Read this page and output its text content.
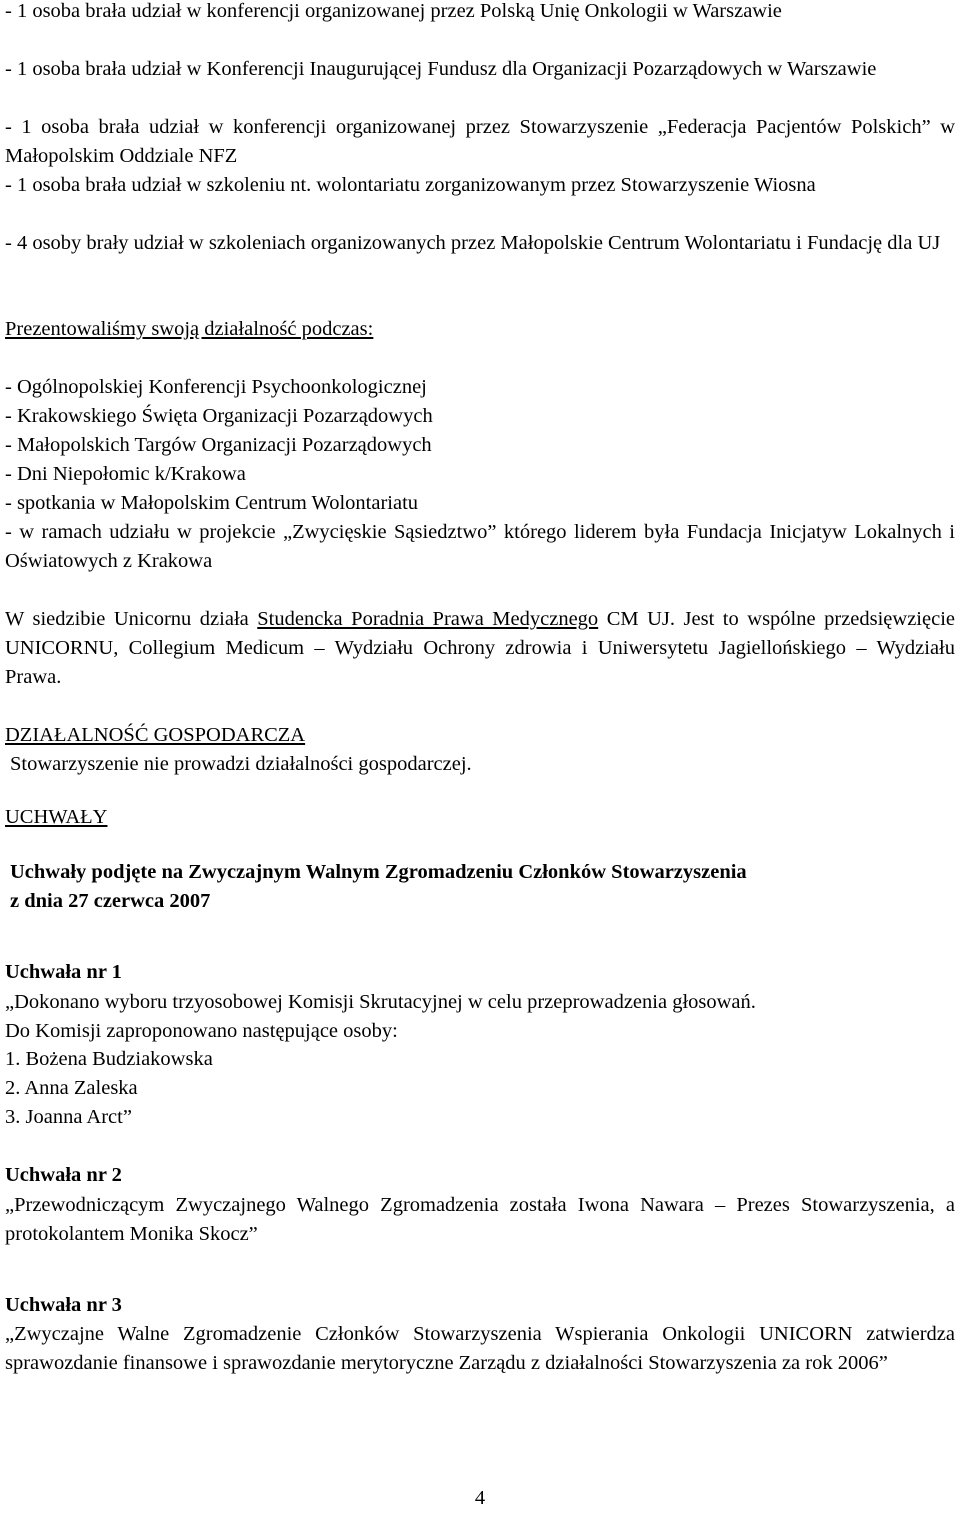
- 1 osoba brała udział w konferencji organizowanej przez Polską Unię Onkologii w Warszawie

- 1 osoba brała udział w Konferencji Inaugurującej Fundusz dla Organizacji Pozarządowych w Warszawie

- 1 osoba brała udział w konferencji organizowanej przez Stowarzyszenie „Federacja Pacjentów Polskich” w Małopolskim Oddziale NFZ

- 1 osoba brała udział w szkoleniu nt. wolontariatu zorganizowanym przez Stowarzyszenie Wiosna

- 4 osoby brały udział w szkoleniach organizowanych przez Małopolskie Centrum Wolontariatu i Fundację dla UJ

Prezentowaliśmy swoją działalność podczas:

- Ogólnopolskiej Konferencji Psychoonkologicznej

- Krakowskiego Święta Organizacji Pozarządowych

- Małopolskich Targów Organizacji Pozarządowych

- Dni Niepołomic k/Krakowa

- spotkania w Małopolskim Centrum Wolontariatu

- w ramach udziału w projekcie „Zwycięskie Sąsiedztwo” którego liderem była Fundacja Inicjatyw Lokalnych i Oświatowych z Krakowa

W siedzibie Unicornu działa Studencka Poradnia Prawa Medycznego CM UJ. Jest to wspólne przedsięwzięcie UNICORNU, Collegium Medicum – Wydziału Ochrony zdrowia i Uniwersytetu Jagiellońskiego – Wydziału Prawa.

DZIAŁALNOŚĆ GOSPODARCZA

Stowarzyszenie nie prowadzi działalności gospodarczej.

UCHWAŁY

Uchwały podjęte na Zwyczajnym Walnym Zgromadzeniu Członków Stowarzyszenia

z dnia 27 czerwca 2007

Uchwała nr 1

„Dokonano wyboru trzyosobowej Komisji Skrutacyjnej w celu przeprowadzenia głosowań.

Do Komisji zaproponowano następujące osoby:

1. Bożena Budziakowska

2. Anna Zaleska

3. Joanna Arct”

Uchwała nr 2

„Przewodniczącym Zwyczajnego Walnego Zgromadzenia została Iwona Nawara – Prezes Stowarzyszenia, a protokolantem Monika Skocz”

Uchwała nr 3

„Zwyczajne Walne Zgromadzenie Członków Stowarzyszenia Wspierania Onkologii UNICORN zatwierdza sprawozdanie finansowe i sprawozdanie merytoryczne Zarządu z działalności Stowarzyszenia za rok 2006”

4
